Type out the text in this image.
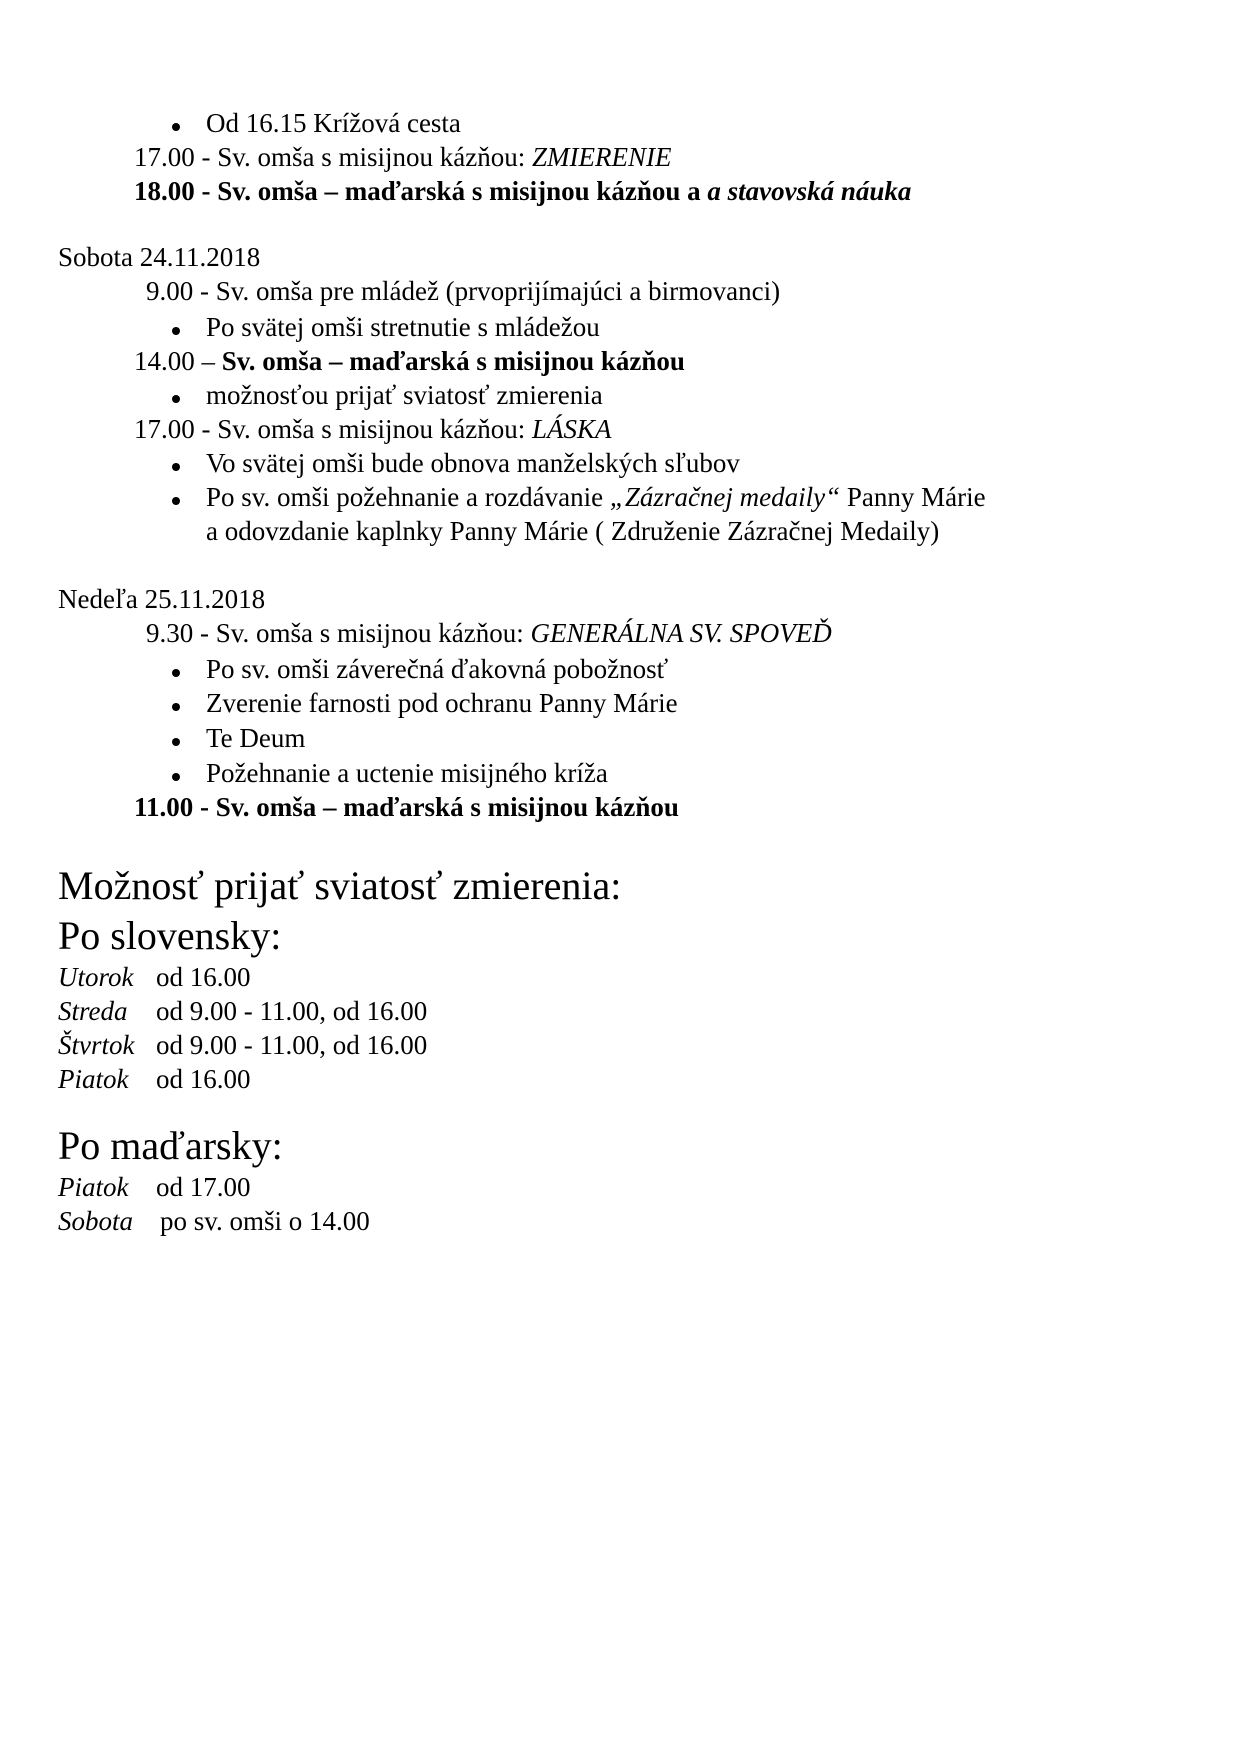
Od 16.15 Krížová cesta
17.00 - Sv. omša s misijnou kázňou: ZMIERENIE
18.00 - Sv. omša – maďarská s misijnou kázňou a a stavovská náuka
Sobota 24.11.2018
9.00 - Sv. omša pre mládež (prvoprijímajúci a birmovanci)
Po svätej omši stretnutie s mládežou
14.00 – Sv. omša – maďarská s misijnou kázňou
možnosťou prijať sviatosť zmierenia
17.00 - Sv. omša s misijnou kázňou: LÁSKA
Vo svätej omši bude obnova manželských sľubov
Po sv. omši požehnanie a rozdávanie „Zázračnej medaily“ Panny Márie
a odovzdanie kaplnky Panny Márie ( Združenie Zázračnej Medaily)
Nedeľa 25.11.2018
9.30 - Sv. omša s misijnou kázňou: GENERÁLNA SV. SPOVEĎ
Po sv. omši záverečná ďakovná pobožnosť
Zverenie farnosti pod ochranu Panny Márie
Te Deum
Požehnanie a uctenie misijného kríža
11.00 - Sv. omša – maďarská s misijnou kázňou
Možnosť prijať sviatosť zmierenia:
Po slovensky:
Utorok od 16.00
Streda od 9.00 - 11.00, od 16.00
Štvrtok od 9.00 - 11.00, od 16.00
Piatok od 16.00
Po maďarsky:
Piatok od 17.00
Sobota po sv. omši o 14.00
